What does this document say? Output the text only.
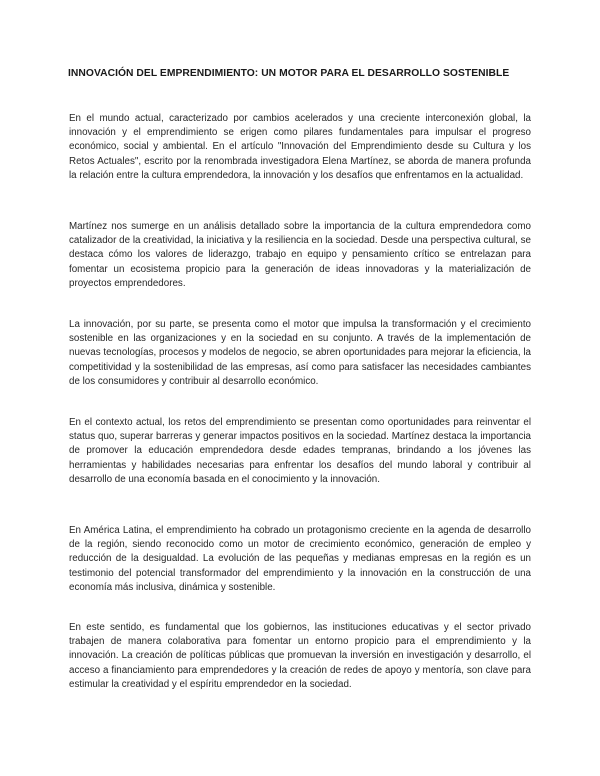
INNOVACIÓN DEL EMPRENDIMIENTO: UN MOTOR PARA EL DESARROLLO SOSTENIBLE
En el mundo actual, caracterizado por cambios acelerados y una creciente interconexión global, la innovación y el emprendimiento se erigen como pilares fundamentales para impulsar el progreso económico, social y ambiental. En el artículo "Innovación del Emprendimiento desde su Cultura y los Retos Actuales", escrito por la renombrada investigadora Elena Martínez, se aborda de manera profunda la relación entre la cultura emprendedora, la innovación y los desafíos que enfrentamos en la actualidad.
Martínez nos sumerge en un análisis detallado sobre la importancia de la cultura emprendedora como catalizador de la creatividad, la iniciativa y la resiliencia en la sociedad. Desde una perspectiva cultural, se destaca cómo los valores de liderazgo, trabajo en equipo y pensamiento crítico se entrelazan para fomentar un ecosistema propicio para la generación de ideas innovadoras y la materialización de proyectos emprendedores.
La innovación, por su parte, se presenta como el motor que impulsa la transformación y el crecimiento sostenible en las organizaciones y en la sociedad en su conjunto. A través de la implementación de nuevas tecnologías, procesos y modelos de negocio, se abren oportunidades para mejorar la eficiencia, la competitividad y la sostenibilidad de las empresas, así como para satisfacer las necesidades cambiantes de los consumidores y contribuir al desarrollo económico.
En el contexto actual, los retos del emprendimiento se presentan como oportunidades para reinventar el status quo, superar barreras y generar impactos positivos en la sociedad. Martínez destaca la importancia de promover la educación emprendedora desde edades tempranas, brindando a los jóvenes las herramientas y habilidades necesarias para enfrentar los desafíos del mundo laboral y contribuir al desarrollo de una economía basada en el conocimiento y la innovación.
En América Latina, el emprendimiento ha cobrado un protagonismo creciente en la agenda de desarrollo de la región, siendo reconocido como un motor de crecimiento económico, generación de empleo y reducción de la desigualdad. La evolución de las pequeñas y medianas empresas en la región es un testimonio del potencial transformador del emprendimiento y la innovación en la construcción de una economía más inclusiva, dinámica y sostenible.
En este sentido, es fundamental que los gobiernos, las instituciones educativas y el sector privado trabajen de manera colaborativa para fomentar un entorno propicio para el emprendimiento y la innovación. La creación de políticas públicas que promuevan la inversión en investigación y desarrollo, el acceso a financiamiento para emprendedores y la creación de redes de apoyo y mentoría, son clave para estimular la creatividad y el espíritu emprendedor en la sociedad.
